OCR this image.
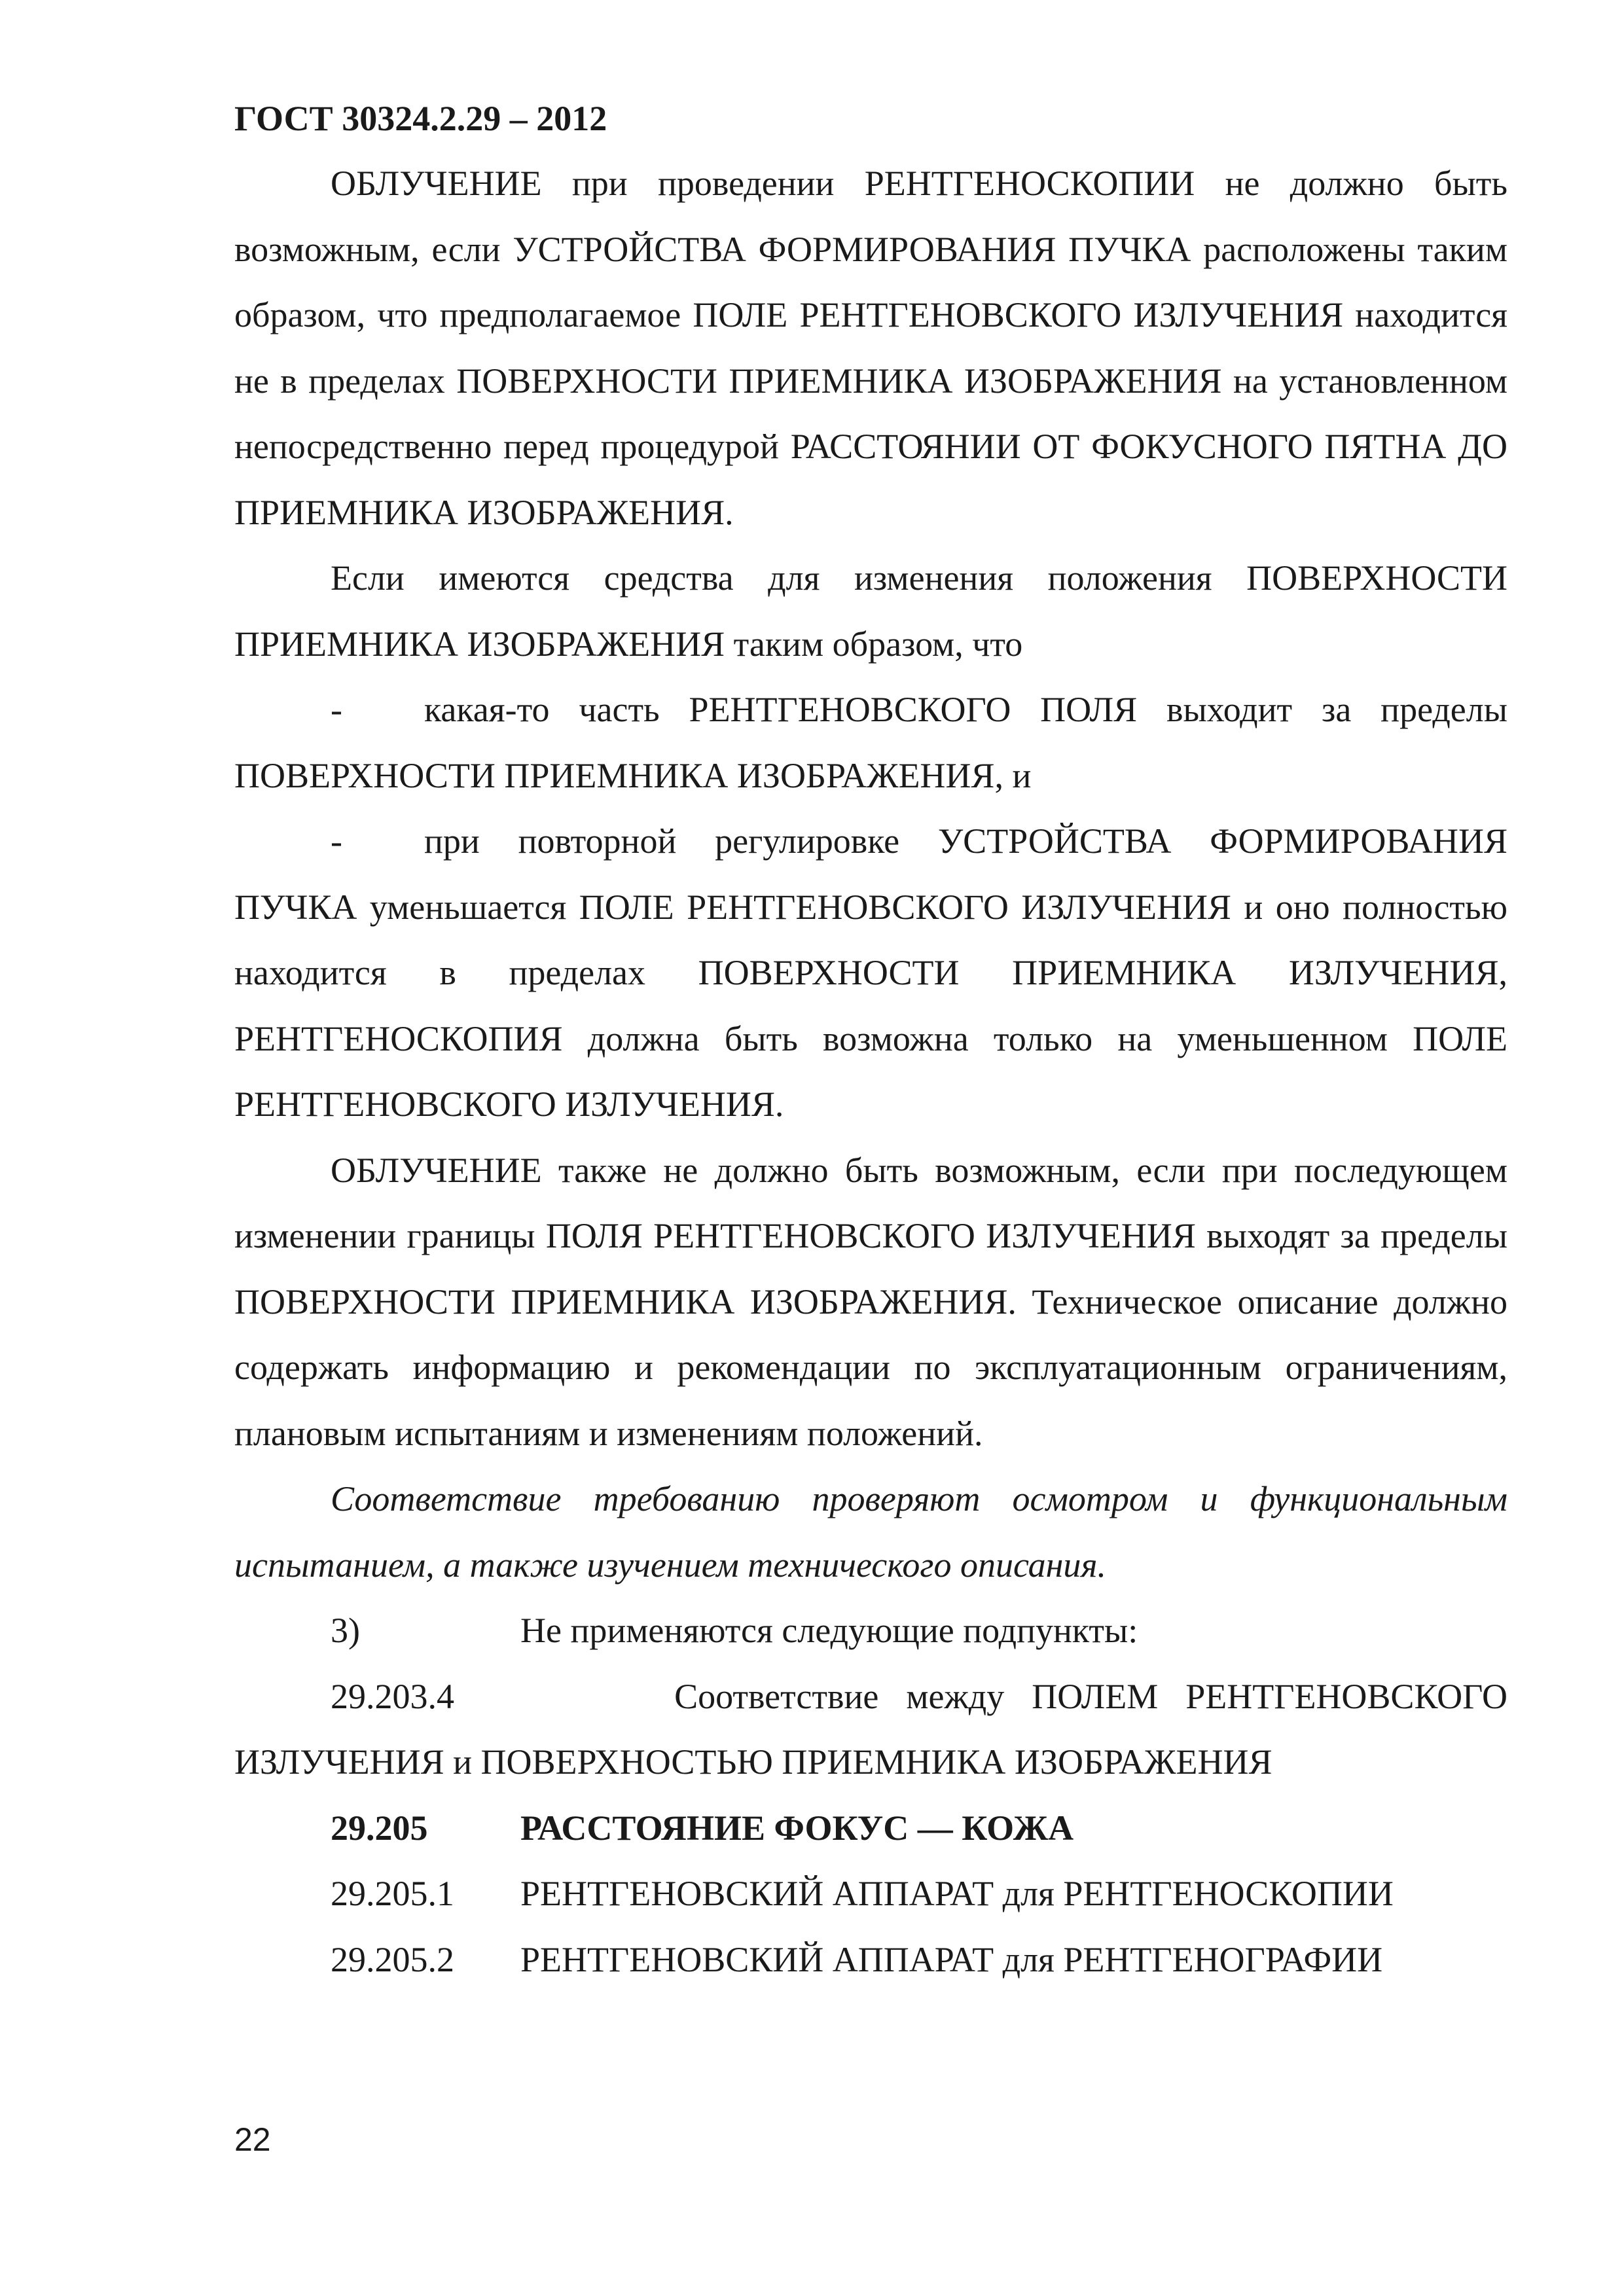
ГОСТ 30324.2.29 – 2012

ОБЛУЧЕНИЕ при проведении РЕНТГЕНОСКОПИИ не должно быть возможным, если УСТРОЙСТВА ФОРМИРОВАНИЯ ПУЧКА расположены таким образом, что предполагаемое ПОЛЕ РЕНТГЕНОВСКОГО ИЗЛУЧЕНИЯ находится не в пределах ПОВЕРХНОСТИ ПРИЕМНИКА ИЗОБРАЖЕНИЯ на установленном непосредственно перед процедурой РАССТОЯНИИ ОТ ФОКУСНОГО ПЯТНА ДО ПРИЕМНИКА ИЗОБРАЖЕНИЯ.

Если имеются средства для изменения положения ПОВЕРХНОСТИ ПРИЕМНИКА ИЗОБРАЖЕНИЯ таким образом, что

-	какая-то часть РЕНТГЕНОВСКОГО ПОЛЯ выходит за пределы ПОВЕРХНОСТИ ПРИЕМНИКА ИЗОБРАЖЕНИЯ, и

-	при повторной регулировке УСТРОЙСТВА ФОРМИРОВАНИЯ ПУЧКА уменьшается ПОЛЕ РЕНТГЕНОВСКОГО ИЗЛУЧЕНИЯ и оно полностью находится в пределах ПОВЕРХНОСТИ ПРИЕМНИКА ИЗЛУЧЕНИЯ, РЕНТГЕНОСКОПИЯ должна быть возможна только на уменьшенном ПОЛЕ РЕНТГЕНОВСКОГО ИЗЛУЧЕНИЯ.

ОБЛУЧЕНИЕ также не должно быть возможным, если при последующем изменении границы ПОЛЯ РЕНТГЕНОВСКОГО ИЗЛУЧЕНИЯ выходят за пределы ПОВЕРХНОСТИ ПРИЕМНИКА ИЗОБРАЖЕНИЯ. Техническое описание должно содержать информацию и рекомендации по эксплуатационным ограничениям, плановым испытаниям и изменениям положений.

Соответствие требованию проверяют осмотром и функциональным испытанием, а также изучением технического описания.

3)	Не применяются следующие подпункты:

29.203.4	Соответствие между ПОЛЕМ РЕНТГЕНОВСКОГО ИЗЛУЧЕНИЯ и ПОВЕРХНОСТЬЮ ПРИЕМНИКА ИЗОБРАЖЕНИЯ

29.205	РАССТОЯНИЕ ФОКУС — КОЖА

29.205.1	РЕНТГЕНОВСКИЙ АППАРАТ для РЕНТГЕНОСКОПИИ

29.205.2	РЕНТГЕНОВСКИЙ АППАРАТ для РЕНТГЕНОГРАФИИ

22
